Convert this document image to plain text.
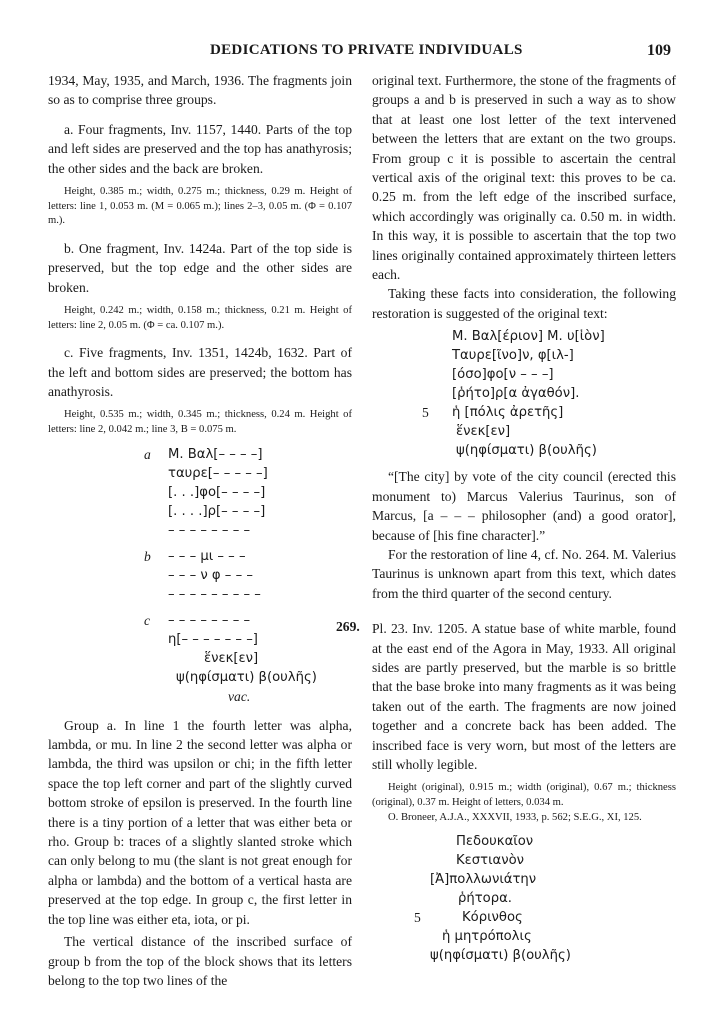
DEDICATIONS TO PRIVATE INDIVIDUALS	109

1934, May, 1935, and March, 1936. The fragments join so as to comprise three groups.

a. Four fragments, Inv. 1157, 1440. Parts of the top and left sides are preserved and the top has anathyrosis; the other sides and the back are broken.

Height, 0.385 m.; width, 0.275 m.; thickness, 0.29 m. Height of letters: line 1, 0.053 m. (M = 0.065 m.); lines 2–3, 0.05 m. (Φ = 0.107 m.).

b. One fragment, Inv. 1424a. Part of the top side is preserved, but the top edge and the other sides are broken.

Height, 0.242 m.; width, 0.158 m.; thickness, 0.21 m. Height of letters: line 2, 0.05 m. (Φ = ca. 0.107 m.).

c. Five fragments, Inv. 1351, 1424b, 1632. Part of the left and bottom sides are preserved; the bottom has anathyrosis.

Height, 0.535 m.; width, 0.345 m.; thickness, 0.24 m. Height of letters: line 2, 0.042 m.; line 3, B = 0.075 m.

a Μ. Βαλ[– – – –]
ταυρε[– – – – –]
[. . .]φο[– – – –]
[. . . .]ρ[– – – –]
– – – – – – – –
b – – – μι – – –
– – – ν φ – – –
– – – – – – – – –
c – – – – – – – –
η[– – – – – – –]
ἕνεκ[εν]
ψ(ηφίσματι) β(ουλῆς)
vac.

Group a. In line 1 the fourth letter was alpha, lambda, or mu. In line 2 the second letter was alpha or lambda, the third was upsilon or chi; in the fifth letter space the top left corner and part of the slightly curved bottom stroke of epsilon is preserved. In the fourth line there is a tiny portion of a letter that was either beta or rho. Group b: traces of a slightly slanted stroke which can only belong to mu (the slant is not great enough for alpha or lambda) and the bottom of a vertical hasta are preserved at the top edge. In group c, the first letter in the top line was either eta, iota, or pi.

The vertical distance of the inscribed surface of group b from the top of the block shows that its letters belong to the top two lines of the

original text. Furthermore, the stone of the fragments of groups a and b is preserved in such a way as to show that at least one lost letter of the text intervened between the letters that are extant on the two groups. From group c it is possible to ascertain the central vertical axis of the original text: this proves to be ca. 0.25 m. from the left edge of the inscribed surface, which accordingly was originally ca. 0.50 m. in width. In this way, it is possible to ascertain that the top two lines originally contained approximately thirteen letters each.

Taking these facts into consideration, the following restoration is suggested of the original text:

Μ. Βαλ[έριον] Μ. υ[ἱὸν]
Ταυρε[ῖνο]ν, φ[ιλ-]
[όσο]φο[ν – – –]
[ῥήτο]ρ[α ἀγαθόν].
5 ἡ [πόλις ἀρετῆς]
ἕνεκ[εν]
ψ(ηφίσματι) β(ουλῆς)

“[The city] by vote of the city council (erected this monument to) Marcus Valerius Taurinus, son of Marcus, [a – – – philosopher (and) a good orator], because of [his fine character].”

For the restoration of line 4, cf. No. 264. M. Valerius Taurinus is unknown apart from this text, which dates from the third quarter of the second century.

269. Pl. 23. Inv. 1205. A statue base of white marble, found at the east end of the Agora in May, 1933. All original sides are partly preserved, but the marble is so brittle that the base broke into many fragments as it was being taken out of the earth. The fragments are now joined together and a concrete back has been added. The inscribed face is very worn, but most of the letters are still wholly legible.

Height (original), 0.915 m.; width (original), 0.67 m.; thickness (original), 0.37 m. Height of letters, 0.034 m.

O. Broneer, A.J.A., XXXVII, 1933, p. 562; S.E.G., XI, 125.

Πεδουκαῖον
Κεστιανὸν
[Ἀ]πολλωνιάτην
ῥήτορα.
5	Κόρινθος
ἡ μητρόπολις
ψ(ηφίσματι) β(ουλῆς)
